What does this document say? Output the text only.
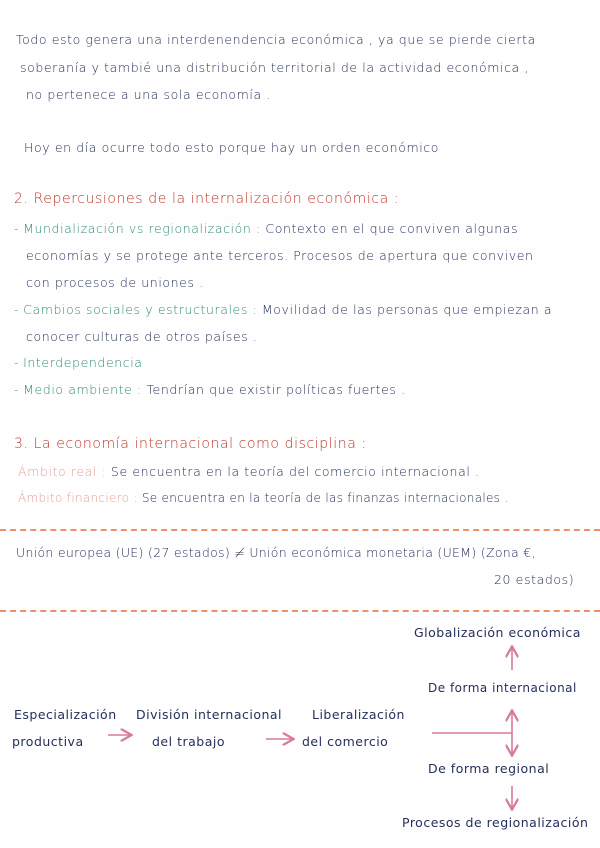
Todo esto genera una interdenendencia económica , ya que se pierde cierta
soberanía y tambié una distribución territorial de la actividad económica ,
no pertenece a una sola economía .
Hoy en día ocurre todo esto porque hay un orden económico
2. Repercusiones de la internalización económica :
- Mundialización vs regionalización : Contexto en el que conviven algunas
economías y se protege ante terceros. Procesos de apertura que conviven
con procesos de uniones .
- Cambios sociales y estructurales : Movilidad de las personas que empiezan a
conocer culturas de otros países .
- Interdependencia
- Medio ambiente : Tendrían que existir políticas fuertes .
3. La economía internacional como disciplina :
Ámbito real : Se encuentra en la teoría del comercio internacional .
Ámbito financiero : Se encuentra en la teoría de las finanzas internacionales .
Unión europea (UE) (27 estados) ≠ Unión económica monetaria (UEM) (Zona €,
20 estados)
Globalización económica
De forma internacional
Especialización
productiva
División internacional
del trabajo
Liberalización
del comercio
De forma regional
Procesos de regionalización
